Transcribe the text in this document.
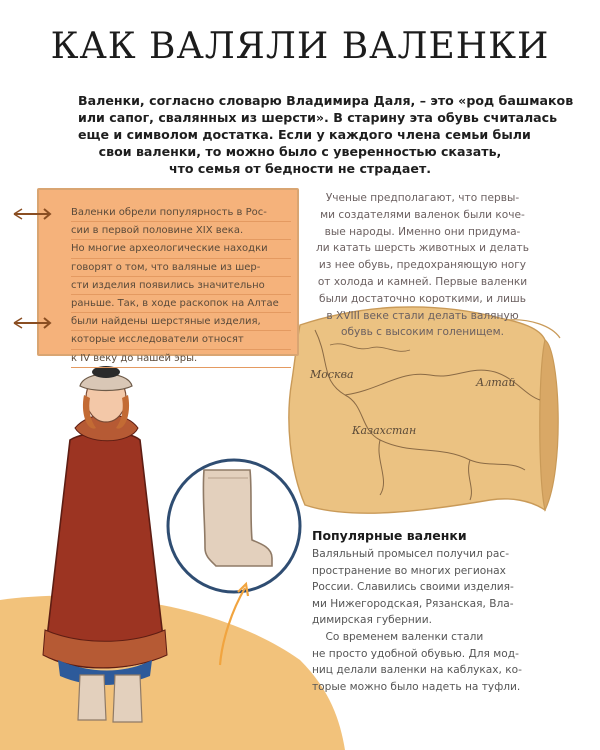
КАК ВАЛЯЛИ ВАЛЕНКИ
Валенки, согласно словарю Владимира Даля, – это «род башмаков
или сапог, свалянных из шерсти». В старину эта обувь считалась
еще и символом достатка. Если у каждого члена семьи были
свои валенки, то можно было с уверенностью сказать,
что семья от бедности не страдает.
Валенки обрели популярность в Рос-
сии в первой половине XIX века.
Но многие археологические находки
говорят о том, что валяные из шер-
сти изделия появились значительно
раньше. Так, в ходе раскопок на Алтае
были найдены шерстяные изделия,
которые исследователи относят
к IV веку до нашей эры.
Ученые предполагают, что первы-
ми создателями валенок были коче-
вые народы. Именно они придума-
ли катать шерсть животных и делать
из нее обувь, предохраняющую ногу
от холода и камней. Первые валенки
были достаточно короткими, и лишь
в XVIII веке стали делать валяную
обувь с высоким голенищем.
Москва
Алтай
Казахстан
Популярные валенки
Валяльный промысел получил рас-
пространение во многих регионах
России. Славились своими изделия-
ми Нижегородская, Рязанская, Вла-
димирская губернии.
Со временем валенки стали
не просто удобной обувью. Для мод-
ниц делали валенки на каблуках, ко-
торые можно было надеть на туфли.
